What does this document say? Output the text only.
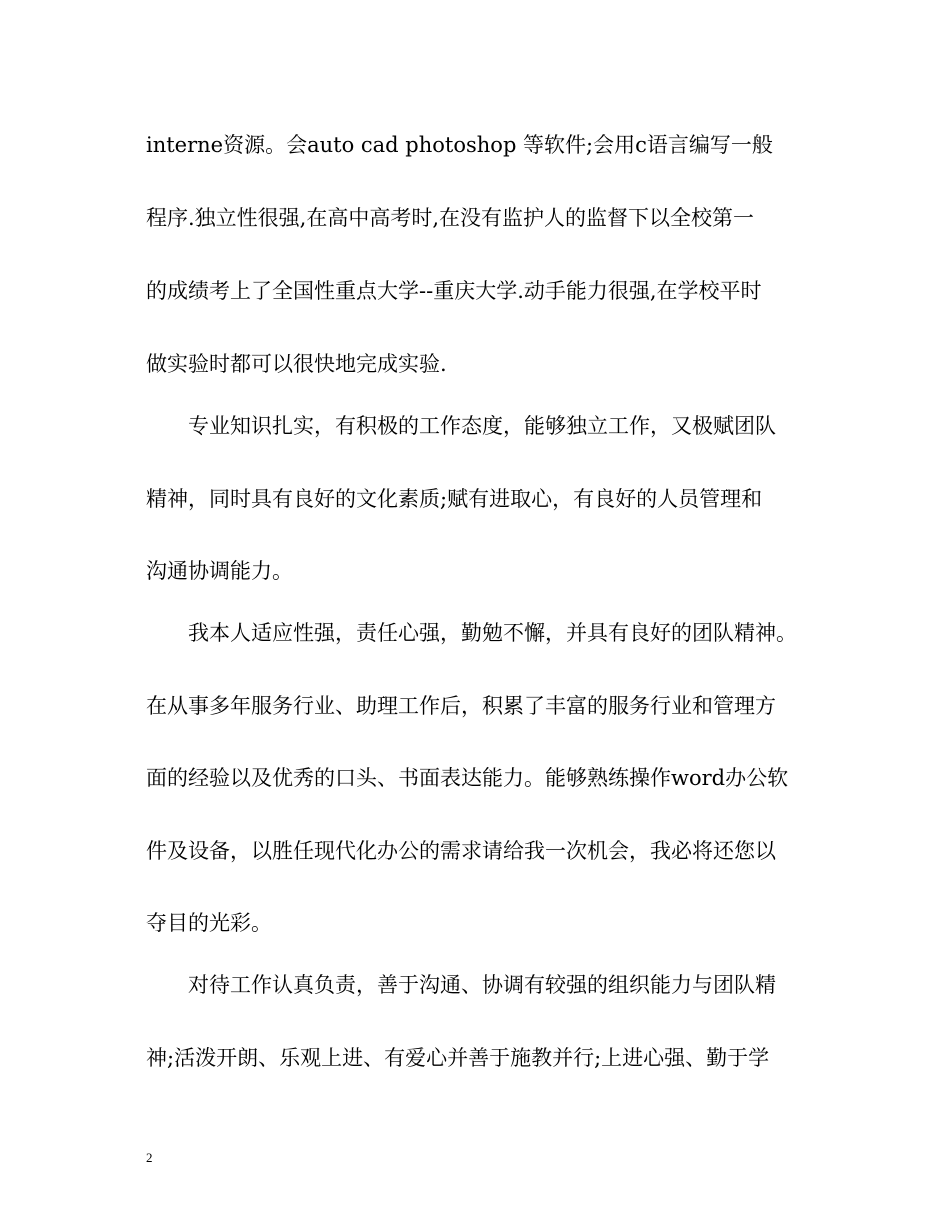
interne资源。会auto cad photoshop 等软件;会用c语言编写一般
程序.独立性很强,在高中高考时,在没有监护人的监督下以全校第一
的成绩考上了全国性重点大学--重庆大学.动手能力很强,在学校平时
做实验时都可以很快地完成实验.
专业知识扎实，有积极的工作态度，能够独立工作，又极赋团队
精神，同时具有良好的文化素质;赋有进取心，有良好的人员管理和
沟通协调能力。
我本人适应性强，责任心强，勤勉不懈，并具有良好的团队精神。
在从事多年服务行业、助理工作后，积累了丰富的服务行业和管理方
面的经验以及优秀的口头、书面表达能力。能够熟练操作word办公软
件及设备，以胜任现代化办公的需求请给我一次机会，我必将还您以
夺目的光彩。
对待工作认真负责，善于沟通、协调有较强的组织能力与团队精
神;活泼开朗、乐观上进、有爱心并善于施教并行;上进心强、勤于学
2
